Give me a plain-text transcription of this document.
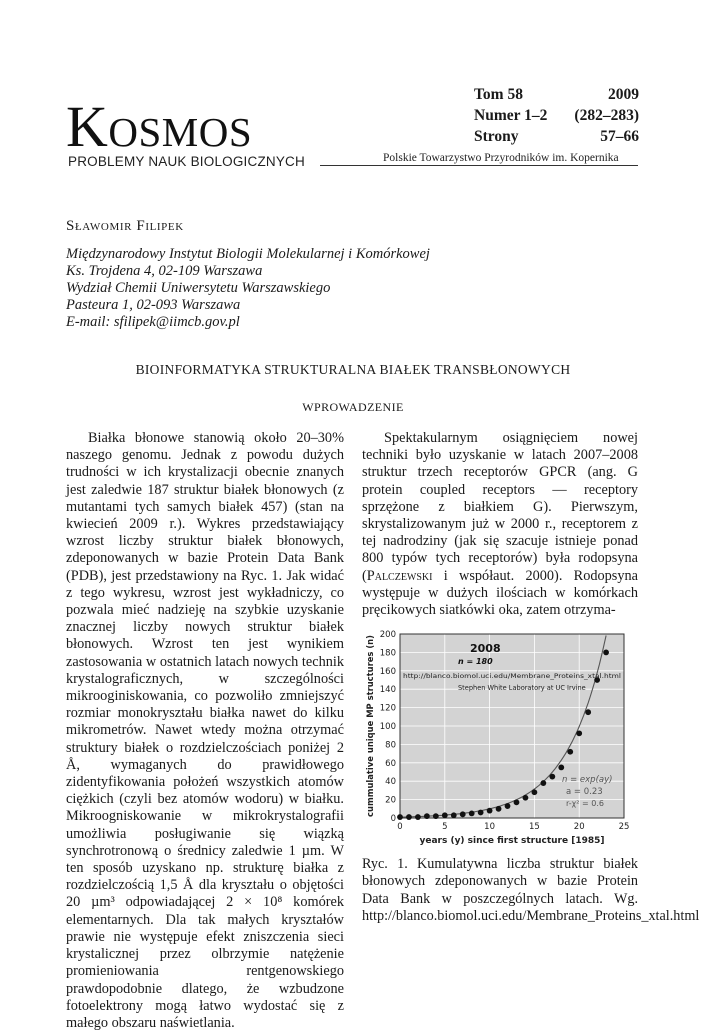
Kosmos
PROBLEMY NAUK BIOLOGICZNYCH	Polskie Towarzystwo Przyrodników im. Kopernika
Tom 58	2009
Numer 1–2 (282–283)
Strony	57–66
Sławomir Filipek
Międzynarodowy Instytut Biologii Molekularnej i Komórkowej
Ks. Trojdena 4, 02-109 Warszawa
Wydział Chemii Uniwersytetu Warszawskiego
Pasteura 1, 02-093 Warszawa
E-mail: sfilipek@iimcb.gov.pl
BIOINFORMATYKA STRUKTURALNA BIAŁEK TRANSBŁONOWYCH
WPROWADZENIE

Białka błonowe stanowią około 20–30% naszego genomu. Jednak z powodu dużych trudności w ich krystalizacji obecnie znanych jest zaledwie 187 struktur białek błonowych (z mutantami tych samych białek 457) (stan na kwiecień 2009 r.). Wykres przedstawiający wzrost liczby struktur białek błonowych, zdeponowanych w bazie Protein Data Bank (PDB), jest przedstawiony na Ryc. 1. Jak widać z tego wykresu, wzrost jest wykładniczy, co pozwala mieć nadzieję na szybkie uzyskanie znacznej liczby nowych struktur białek błonowych. Wzrost ten jest wynikiem zastosowania w ostatnich latach nowych technik krystalograficznych, w szczególności mikrooginiskowania, co pozwoliło zmniejszyć rozmiar monokryształu białka nawet do kilku mikrometrów. Nawet wtedy można otrzymać struktury białek o rozdzielczościach poniżej 2 Å, wymaganych do prawidłowego zidentyfikowania położeń wszystkich atomów ciężkich (czyli bez atomów wodoru) w białku. Mikroogniskowanie w mikrokrystalografii umożliwia posługiwanie się wiązką synchrotronową o średnicy zaledwie 1 µm. W ten sposób uzyskano np. strukturę białka z rozdzielczością 1,5 Å dla kryształu o objętości 20 µm³ odpowiadającej 2 × 10⁸ komórek elementarnych. Dla tak małych kryształów prawie nie występuje efekt zniszczenia sieci krystalicznej przez olbrzymie natężenie promieniowania rentgenowskiego prawdopodobnie dlatego, że wzbudzone fotoelektrony mogą łatwo wydostać się z małego obszaru naświetlania.

Spektakularnym osiągnięciem nowej techniki było uzyskanie w latach 2007–2008 struktur trzech receptorów GPCR (ang. G protein coupled receptors — receptory sprzężone z białkiem G). Pierwszym, skrystalizowanym już w 2000 r., receptorem z tej nadrodziny (jak się szacuje istnieje ponad 800 typów tych receptorów) była rodopsyna (Palczewski i współaut. 2000). Rodopsyna występuje w dużych ilościach w komórkach pręcikowych siatkówki oka, zatem otrzyma-

0
20
40
60
80
100
120
140
160
180
200
0	5	10	15	20	25
years (y) since first structure [1985]
cummulative unique MP structures (n)	2008
n = 180
http://blanco.biomol.uci.edu/Membrane_Proteins_xtal.html
Stephen White Laboratory at UC Irvine
n = exp(ay)
a = 0.23
r-χ² = 0.6
Ryc. 1. Kumulatywna liczba struktur białek błonowych zdeponowanych w bazie Protein Data Bank w poszczególnych latach. Wg. http://blanco.biomol.uci.edu/Membrane_Proteins_xtal.html
